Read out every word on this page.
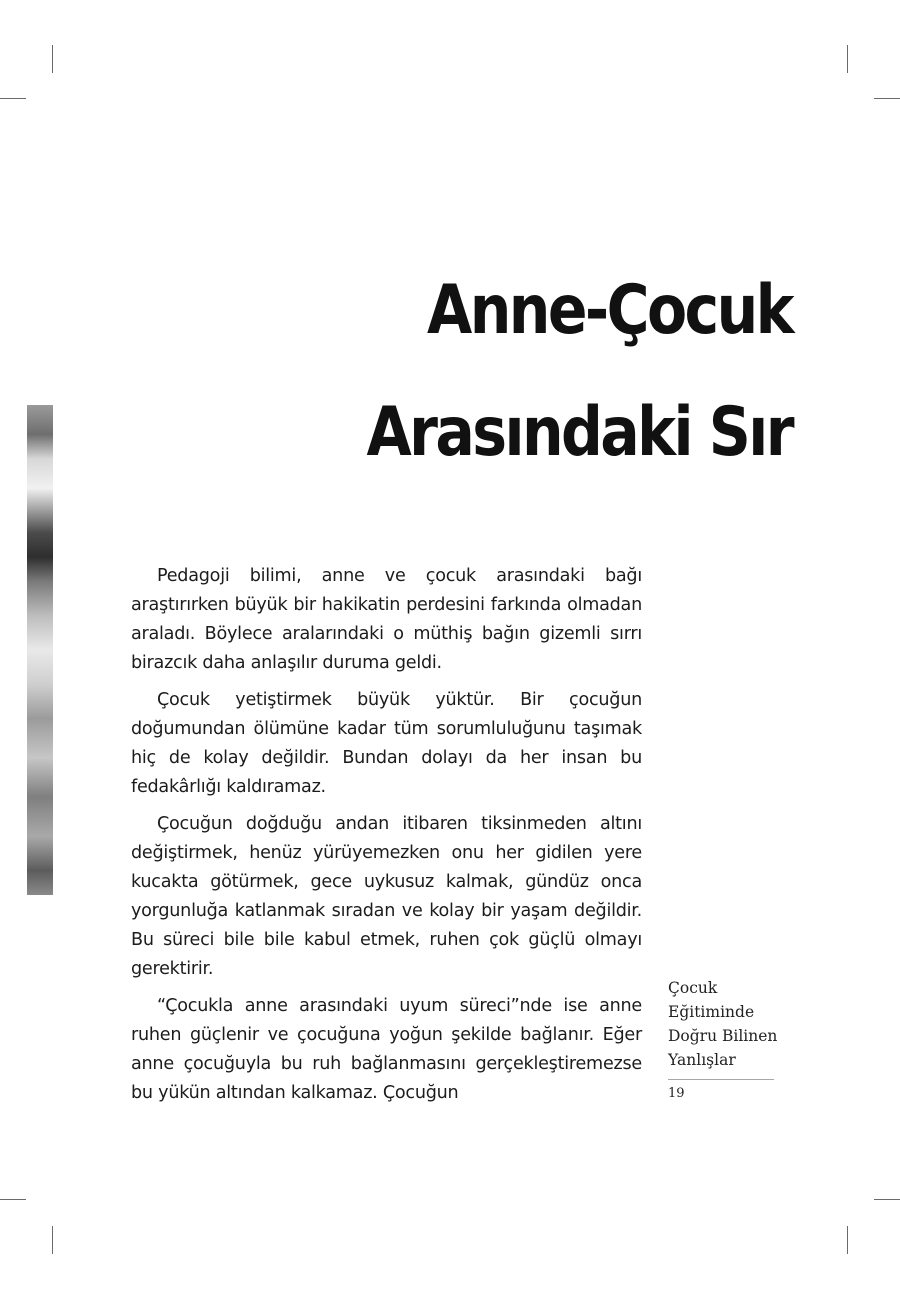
Anne-Çocuk
Arasındaki Sır

Pedagoji bilimi, anne ve çocuk arasındaki bağı araştırırken büyük bir hakikatin perdesini farkında olmadan araladı. Böylece aralarındaki o müthiş bağın gizemli sırrı birazcık daha anlaşılır duruma geldi.

Çocuk yetiştirmek büyük yüktür. Bir çocuğun doğumundan ölümüne kadar tüm sorumluluğunu taşımak hiç de kolay değildir. Bundan dolayı da her insan bu fedakârlığı kaldıramaz.

Çocuğun doğduğu andan itibaren tiksinmeden altını değiştirmek, henüz yürüyemezken onu her gidilen yere kucakta götürmek, gece uykusuz kalmak, gündüz onca yorgunluğa katlanmak sıradan ve kolay bir yaşam değildir. Bu süreci bile bile kabul etmek, ruhen çok güçlü olmayı gerektirir.

“Çocukla anne arasındaki uyum süreci”nde ise anne ruhen güçlenir ve çocuğuna yoğun şekilde bağlanır. Eğer anne çocuğuyla bu ruh bağlanmasını gerçekleştiremezse bu yükün altından kalkamaz. Çocuğun

Çocuk
Eğitiminde
Doğru Bilinen
Yanlışlar
19
